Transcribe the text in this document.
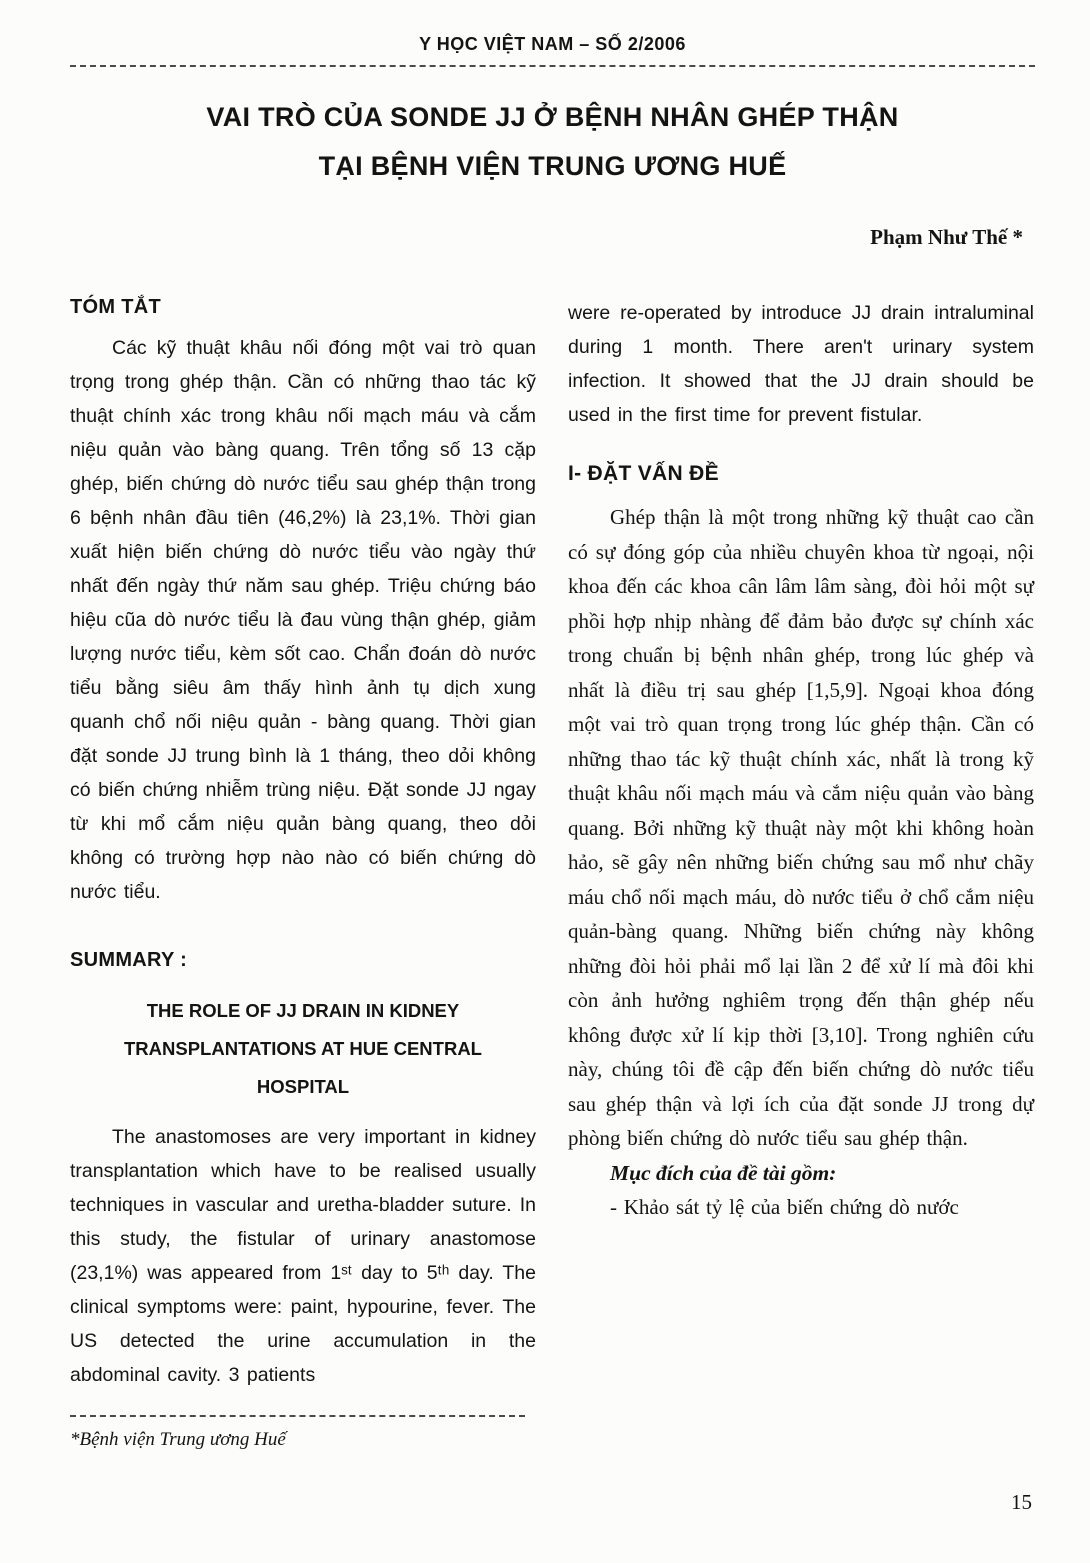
Y HỌC VIỆT NAM – SỐ 2/2006
VAI TRÒ CỦA SONDE JJ Ở BỆNH NHÂN GHÉP THẬN
TẠI BỆNH VIỆN TRUNG ƯƠNG HUẾ
Phạm Như Thế *
TÓM TẮT

Các kỹ thuật khâu nối đóng một vai trò quan trọng trong ghép thận. Cần có những thao tác kỹ thuật chính xác trong khâu nối mạch máu và cắm niệu quản vào bàng quang. Trên tổng số 13 cặp ghép, biến chứng dò nước tiểu sau ghép thận trong 6 bệnh nhân đầu tiên (46,2%) là 23,1%. Thời gian xuất hiện biến chứng dò nước tiểu vào ngày thứ nhất đến ngày thứ năm sau ghép. Triệu chứng báo hiệu cũa dò nước tiểu là đau vùng thận ghép, giảm lượng nước tiểu, kèm sốt cao. Chẩn đoán dò nước tiểu bằng siêu âm thấy hình ảnh tụ dịch xung quanh chổ nối niệu quản - bàng quang. Thời gian đặt sonde JJ trung bình là 1 tháng, theo dỏi không có biến chứng nhiễm trùng niệu. Đặt sonde JJ ngay từ khi mổ cắm niệu quản bàng quang, theo dỏi không có trường hợp nào nào có biến chứng dò nước tiểu.

SUMMARY :
THE ROLE OF JJ DRAIN IN KIDNEY TRANSPLANTATIONS AT HUE CENTRAL HOSPITAL

The anastomoses are very important in kidney transplantation which have to be realised usually techniques in vascular and uretha-bladder suture. In this study, the fistular of urinary anastomose (23,1%) was appeared from 1ˢᵗ day to 5ᵗʰ day. The clinical symptoms were: paint, hypourine, fever. The US detected the urine accumulation in the abdominal cavity. 3 patients

were re-operated by introduce JJ drain intraluminal during 1 month. There aren't urinary system infection. It showed that the JJ drain should be used in the first time for prevent fistular.

I- ĐẶT VẤN ĐỀ

Ghép thận là một trong những kỹ thuật cao cần có sự đóng góp của nhiều chuyên khoa từ ngoại, nội khoa đến các khoa cân lâm lâm sàng, đòi hỏi một sự phồi hợp nhịp nhàng để đảm bảo được sự chính xác trong chuẩn bị bệnh nhân ghép, trong lúc ghép và nhất là điều trị sau ghép [1,5,9]. Ngoại khoa đóng một vai trò quan trọng trong lúc ghép thận. Cần có những thao tác kỹ thuật chính xác, nhất là trong kỹ thuật khâu nối mạch máu và cắm niệu quản vào bàng quang. Bởi những kỹ thuật này một khi không hoàn hảo, sẽ gây nên những biến chứng sau mổ như chãy máu chổ nối mạch máu, dò nước tiểu ở chổ cắm niệu quản-bàng quang. Những biến chứng này không những đòi hỏi phải mổ lại lần 2 để xử lí mà đôi khi còn ảnh hưởng nghiêm trọng đến thận ghép nếu không được xử lí kịp thời [3,10]. Trong nghiên cứu này, chúng tôi đề cập đến biến chứng dò nước tiểu sau ghép thận và lợi ích của đặt sonde JJ trong dự phòng biến chứng dò nước tiểu sau ghép thận.

Mục đích của đề tài gồm:

- Khảo sát tỷ lệ của biến chứng dò nước

*Bệnh viện Trung ương Huế
15
